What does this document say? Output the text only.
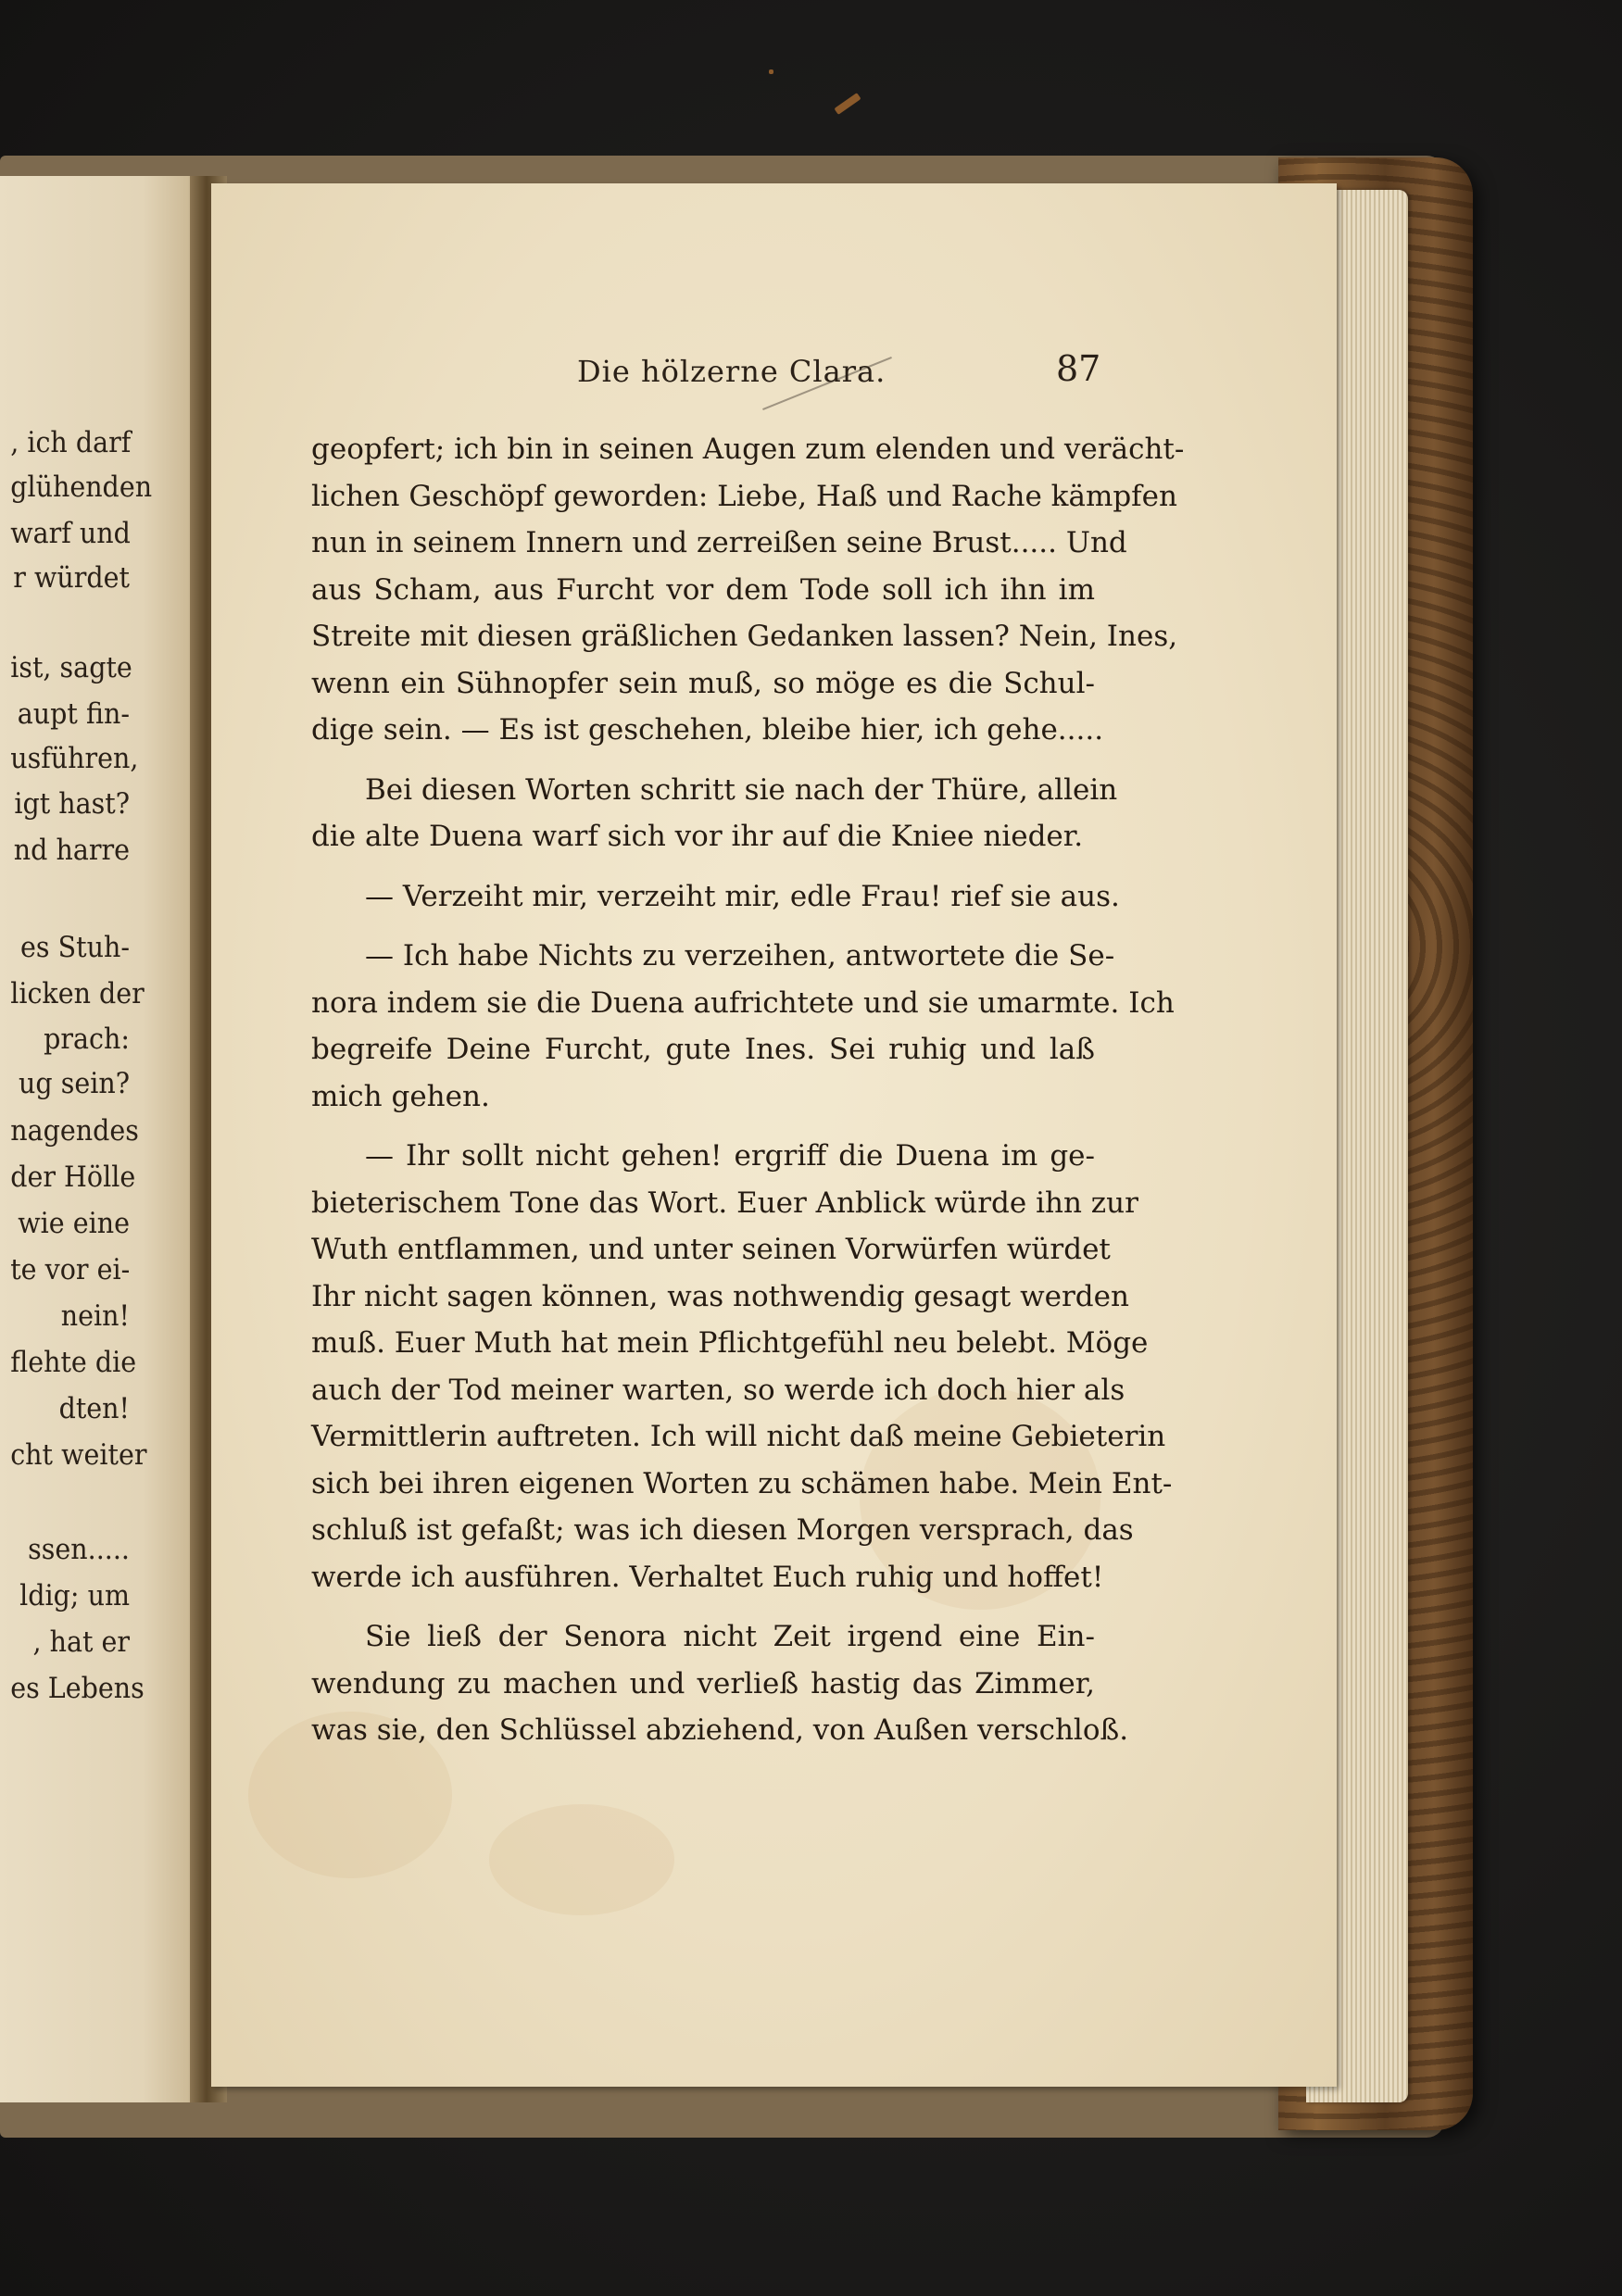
, ich darf
glühenden
warf und
r würdet
ist, sagte
aupt fin-
usführen,
igt hast?
nd harre
es Stuh-
licken der
prach:
ug sein?
nagendes
der Hölle
wie eine
te vor ei-
nein!
flehte die
dten!
cht weiter
ssen.....
ldig; um
, hat er
es Lebens
Die hölzerne Clara.	87
geopfert; ich bin in seinen Augen zum elenden und verächt-
lichen Geschöpf geworden: Liebe, Haß und Rache kämpfen
nun in seinem Innern und zerreißen seine Brust..... Und
aus Scham, aus Furcht vor dem Tode soll ich ihn im
Streite mit diesen gräßlichen Gedanken lassen? Nein, Ines,
wenn ein Sühnopfer sein muß, so möge es die Schul-
dige sein. — Es ist geschehen, bleibe hier, ich gehe.....
Bei diesen Worten schritt sie nach der Thüre, allein
die alte Duena warf sich vor ihr auf die Kniee nieder.
— Verzeiht mir, verzeiht mir, edle Frau! rief sie aus.
— Ich habe Nichts zu verzeihen, antwortete die Se-
nora indem sie die Duena aufrichtete und sie umarmte. Ich
begreife Deine Furcht, gute Ines. Sei ruhig und laß
mich gehen.
— Ihr sollt nicht gehen! ergriff die Duena im ge-
bieterischem Tone das Wort. Euer Anblick würde ihn zur
Wuth entflammen, und unter seinen Vorwürfen würdet
Ihr nicht sagen können, was nothwendig gesagt werden
muß. Euer Muth hat mein Pflichtgefühl neu belebt. Möge
auch der Tod meiner warten, so werde ich doch hier als
Vermittlerin auftreten. Ich will nicht daß meine Gebieterin
sich bei ihren eigenen Worten zu schämen habe. Mein Ent-
schluß ist gefaßt; was ich diesen Morgen versprach, das
werde ich ausführen. Verhaltet Euch ruhig und hoffet!
Sie ließ der Senora nicht Zeit irgend eine Ein-
wendung zu machen und verließ hastig das Zimmer,
was sie, den Schlüssel abziehend, von Außen verschloß.
